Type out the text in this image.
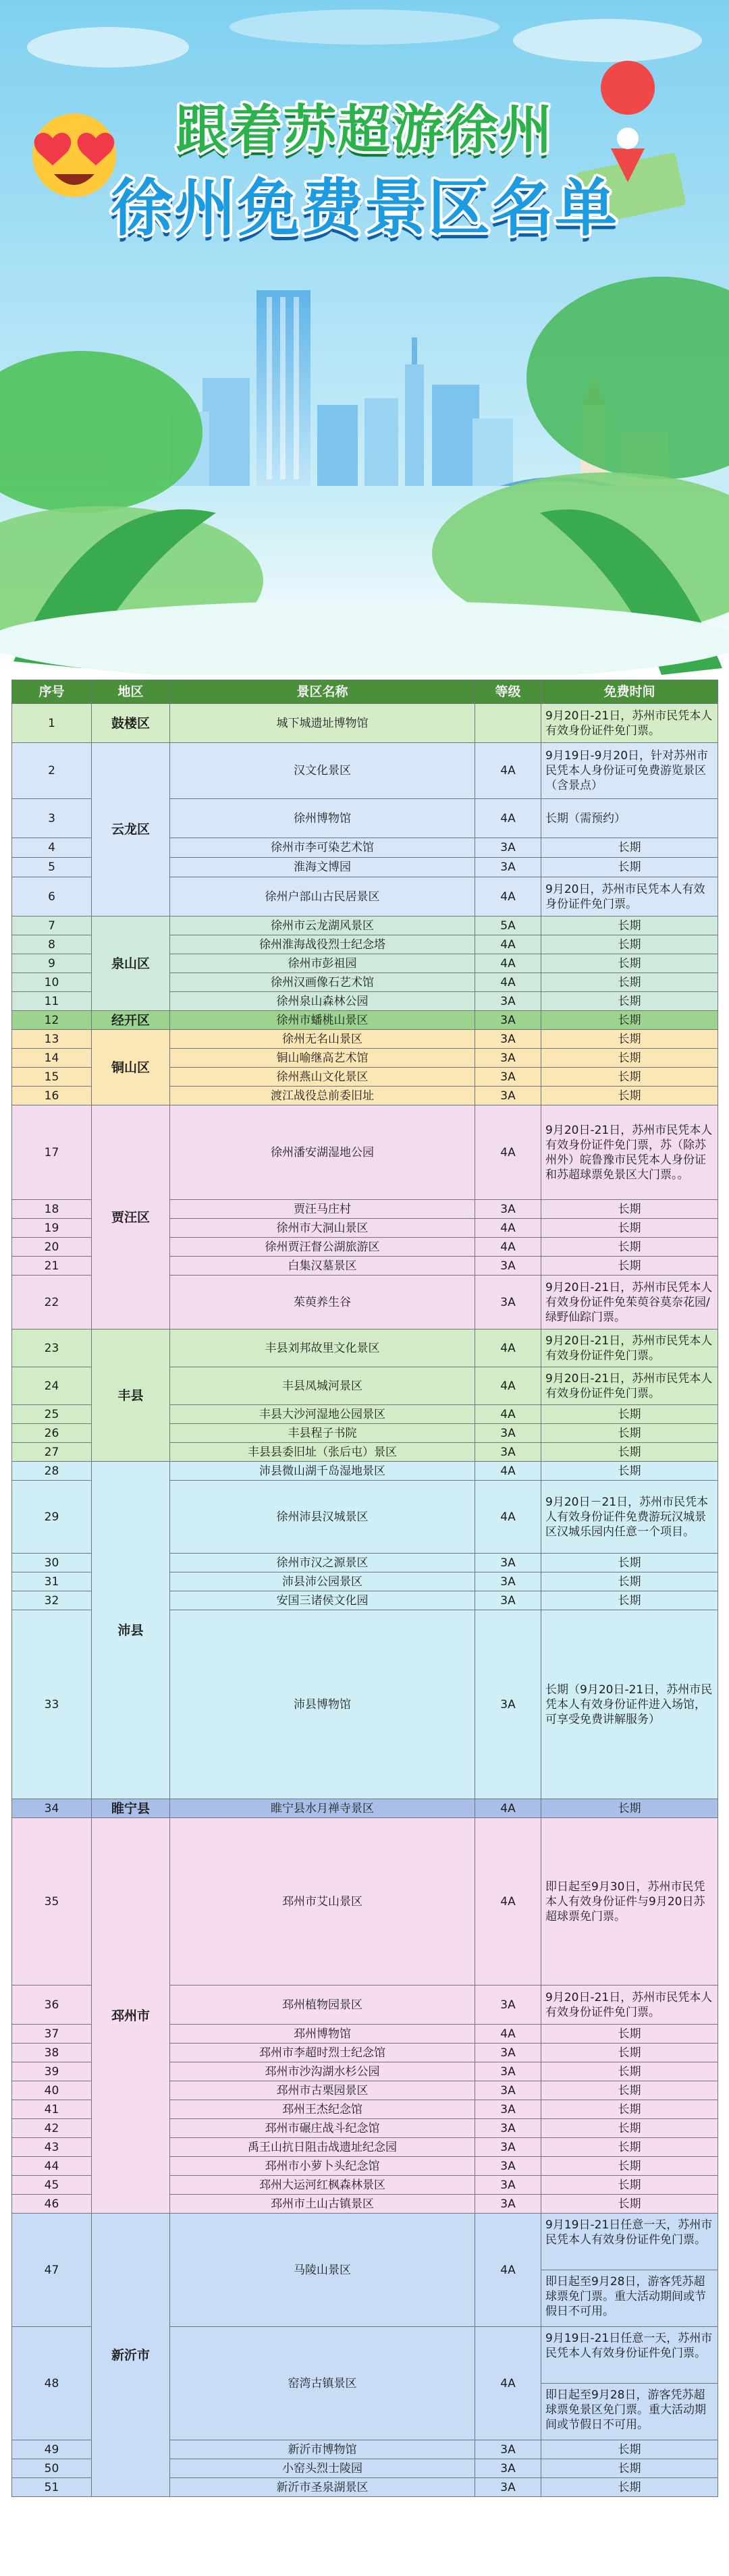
跟着苏超游徐州
徐州免费景区名单
序号	地区	景区名称	等级	免费时间
1	鼓楼区	城下城遗址博物馆		9月20日-21日，苏州市民凭本人有效身份证件免门票。
2	云龙区	汉文化景区	4A	9月19日-9月20日，针对苏州市民凭本人身份证可免费游览景区（含景点）
3		徐州博物馆	4A	长期（需预约）
4		徐州市李可染艺术馆	3A	长期
5		淮海文博园	3A	长期
6		徐州户部山古民居景区	4A	9月20日，苏州市民凭本人有效身份证件免门票。
7	泉山区	徐州市云龙湖风景区	5A	长期
8		徐州淮海战役烈士纪念塔	4A	长期
9		徐州市彭祖园	4A	长期
10		徐州汉画像石艺术馆	4A	长期
11		徐州泉山森林公园	3A	长期
12	经开区	徐州市蟠桃山景区	3A	长期
13	铜山区	徐州无名山景区	3A	长期
14		铜山喻继高艺术馆	3A	长期
15		徐州燕山文化景区	3A	长期
16		渡江战役总前委旧址	3A	长期
17	贾汪区	徐州潘安湖湿地公园	4A	9月20日-21日，苏州市民凭本人有效身份证件免门票，苏（除苏州外）皖鲁豫市民凭本人身份证和苏超球票免景区大门票。。
18		贾汪马庄村	3A	长期
19		徐州市大洞山景区	4A	长期
20		徐州贾汪督公湖旅游区	4A	长期
21		白集汉墓景区	3A	长期
22		茱萸养生谷	3A	9月20日-21日，苏州市民凭本人有效身份证件免茱萸谷莫奈花园/绿野仙踪门票。
23	丰县	丰县刘邦故里文化景区	4A	9月20日-21日，苏州市民凭本人有效身份证件免门票。
24		丰县凤城河景区	4A	9月20日-21日，苏州市民凭本人有效身份证件免门票。
25		丰县大沙河湿地公园景区	4A	长期
26		丰县程子书院	3A	长期
27		丰县县委旧址（张后屯）景区	3A	长期
28	沛县	沛县微山湖千岛湿地景区	4A	长期
29		徐州沛县汉城景区	4A	9月20日－21日，苏州市民凭本人有效身份证件免费游玩汉城景区汉城乐园内任意一个项目。
30		徐州市汉之源景区	3A	长期
31		沛县沛公园景区	3A	长期
32		安国三诸侯文化园	3A	长期
33		沛县博物馆	3A	长期（9月20日-21日，苏州市民凭本人有效身份证件进入场馆，可享受免费讲解服务）
34	睢宁县	睢宁县水月禅寺景区	4A	长期
35	邳州市	邳州市艾山景区	4A	即日起至9月30日，苏州市民凭本人有效身份证件与9月20日苏超球票免门票。
36		邳州植物园景区	3A	9月20日-21日，苏州市民凭本人有效身份证件免门票。
37		邳州博物馆	4A	长期
38		邳州市李超时烈士纪念馆	3A	长期
39		邳州市沙沟湖水杉公园	3A	长期
40		邳州市古栗园景区	3A	长期
41		邳州王杰纪念馆	3A	长期
42		邳州市碾庄战斗纪念馆	3A	长期
43		禹王山抗日阻击战遗址纪念园	3A	长期
44		邳州市小萝卜头纪念馆	3A	长期
45		邳州大运河红枫森林景区	3A	长期
46		邳州市土山古镇景区	3A	长期
47	新沂市	马陵山景区	4A	9月19日-21日任意一天，苏州市民凭本人有效身份证件免门票。
即日起至9月28日，游客凭苏超球票免门票。重大活动期间或节假日不可用。

48		窑湾古镇景区	4A	9月19日-21日任意一天，苏州市民凭本人有效身份证件免门票。
即日起至9月28日，游客凭苏超球票免景区免门票。重大活动期间或节假日不可用。

49		新沂市博物馆	3A	长期
50		小窑头烈士陵园	3A	长期
51		新沂市圣泉湖景区	3A	长期
